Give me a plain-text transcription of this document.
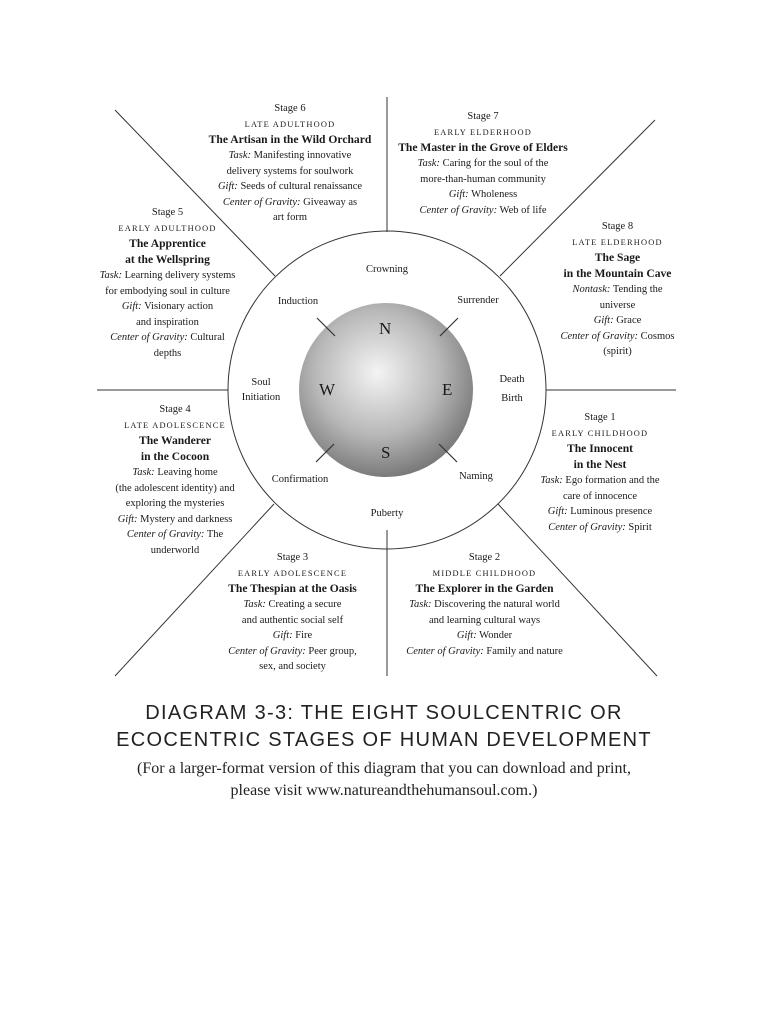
N
S
W	E
Crowning
Surrender
Death
Birth
Naming
Puberty
Confirmation
Soul
Initiation
Induction
Stage 6
LATE ADULTHOOD
The Artisan in the Wild Orchard
Task: Manifesting innovative
delivery systems for soulwork
Gift: Seeds of cultural renaissance
Center of Gravity: Giveaway as
art form
Stage 7
EARLY ELDERHOOD
The Master in the Grove of Elders
Task: Caring for the soul of the
more-than-human community
Gift: Wholeness
Center of Gravity: Web of life
Stage 5
EARLY ADULTHOOD
The Apprentice
at the Wellspring
Task: Learning delivery systems
for embodying soul in culture
Gift: Visionary action
and inspiration
Center of Gravity: Cultural
depths
Stage 8
LATE ELDERHOOD
The Sage
in the Mountain Cave
Nontask: Tending the
universe
Gift: Grace
Center of Gravity: Cosmos
(spirit)
Stage 4
LATE ADOLESCENCE
The Wanderer
in the Cocoon
Task: Leaving home
(the adolescent identity) and
exploring the mysteries
Gift: Mystery and darkness
Center of Gravity: The
underworld
Stage 1
EARLY CHILDHOOD
The Innocent
in the Nest
Task: Ego formation and the
care of innocence
Gift: Luminous presence
Center of Gravity: Spirit
Stage 3
EARLY ADOLESCENCE
The Thespian at the Oasis
Task: Creating a secure
and authentic social self
Gift: Fire
Center of Gravity: Peer group,
sex, and society
Stage 2
MIDDLE CHILDHOOD
The Explorer in the Garden
Task: Discovering the natural world
and learning cultural ways
Gift: Wonder
Center of Gravity: Family and nature
DIAGRAM 3-3: THE EIGHT SOULCENTRIC OR
ECOCENTRIC STAGES OF HUMAN DEVELOPMENT
(For a larger-format version of this diagram that you can download and print,
please visit www.natureandthehumansoul.com.)
